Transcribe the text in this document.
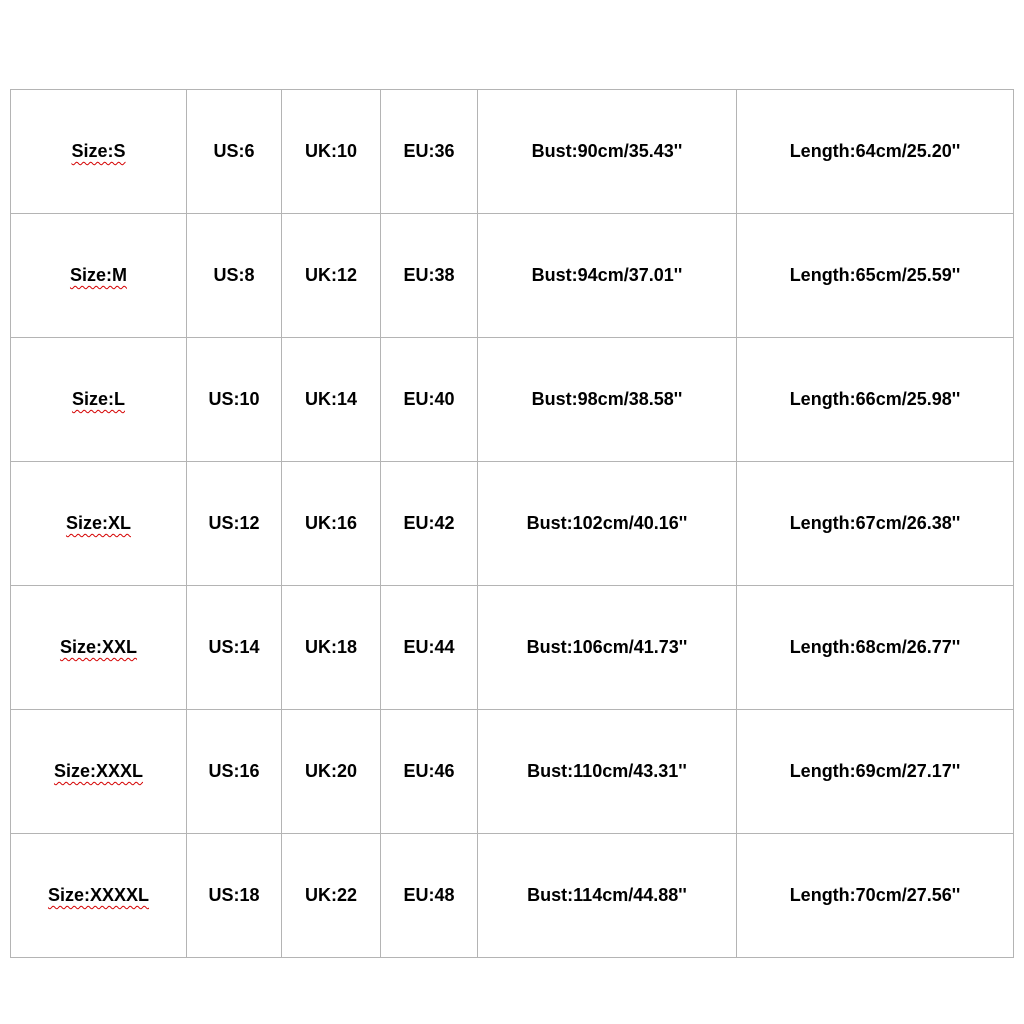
Size:S	US:6	UK:10	EU:36	Bust:90cm/35.43''	Length:64cm/25.20''
Size:M	US:8	UK:12	EU:38	Bust:94cm/37.01''	Length:65cm/25.59''
Size:L	US:10	UK:14	EU:40	Bust:98cm/38.58''	Length:66cm/25.98''
Size:XL	US:12	UK:16	EU:42	Bust:102cm/40.16''	Length:67cm/26.38''
Size:XXL	US:14	UK:18	EU:44	Bust:106cm/41.73''	Length:68cm/26.77''
Size:XXXL	US:16	UK:20	EU:46	Bust:110cm/43.31''	Length:69cm/27.17''
Size:XXXXL	US:18	UK:22	EU:48	Bust:114cm/44.88''	Length:70cm/27.56''
